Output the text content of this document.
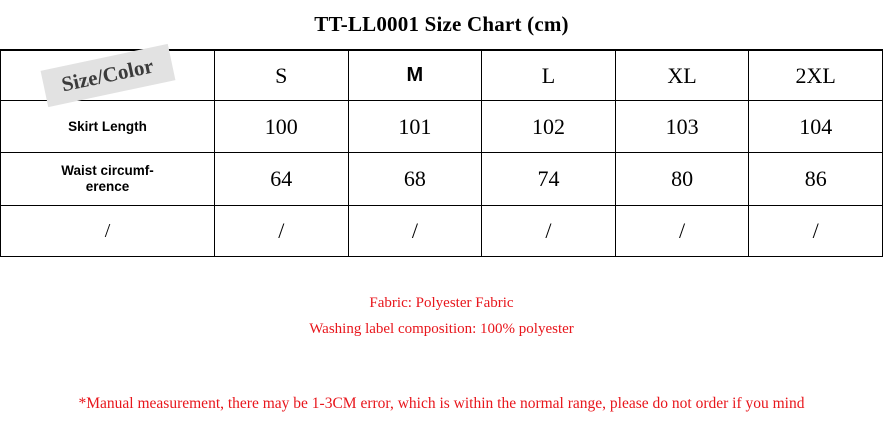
TT-LL0001 Size Chart (cm)
Size/Color	S	M	L	XL	2XL
Skirt Length	100	101	102	103	104

Waist circumf-
erence	64	68	74	80	86
/	/	/	/	/	/
Fabric: Polyester Fabric
Washing label composition: 100% polyester
*Manual measurement, there may be 1-3CM error, which is within the normal range, please do not order if you mind
